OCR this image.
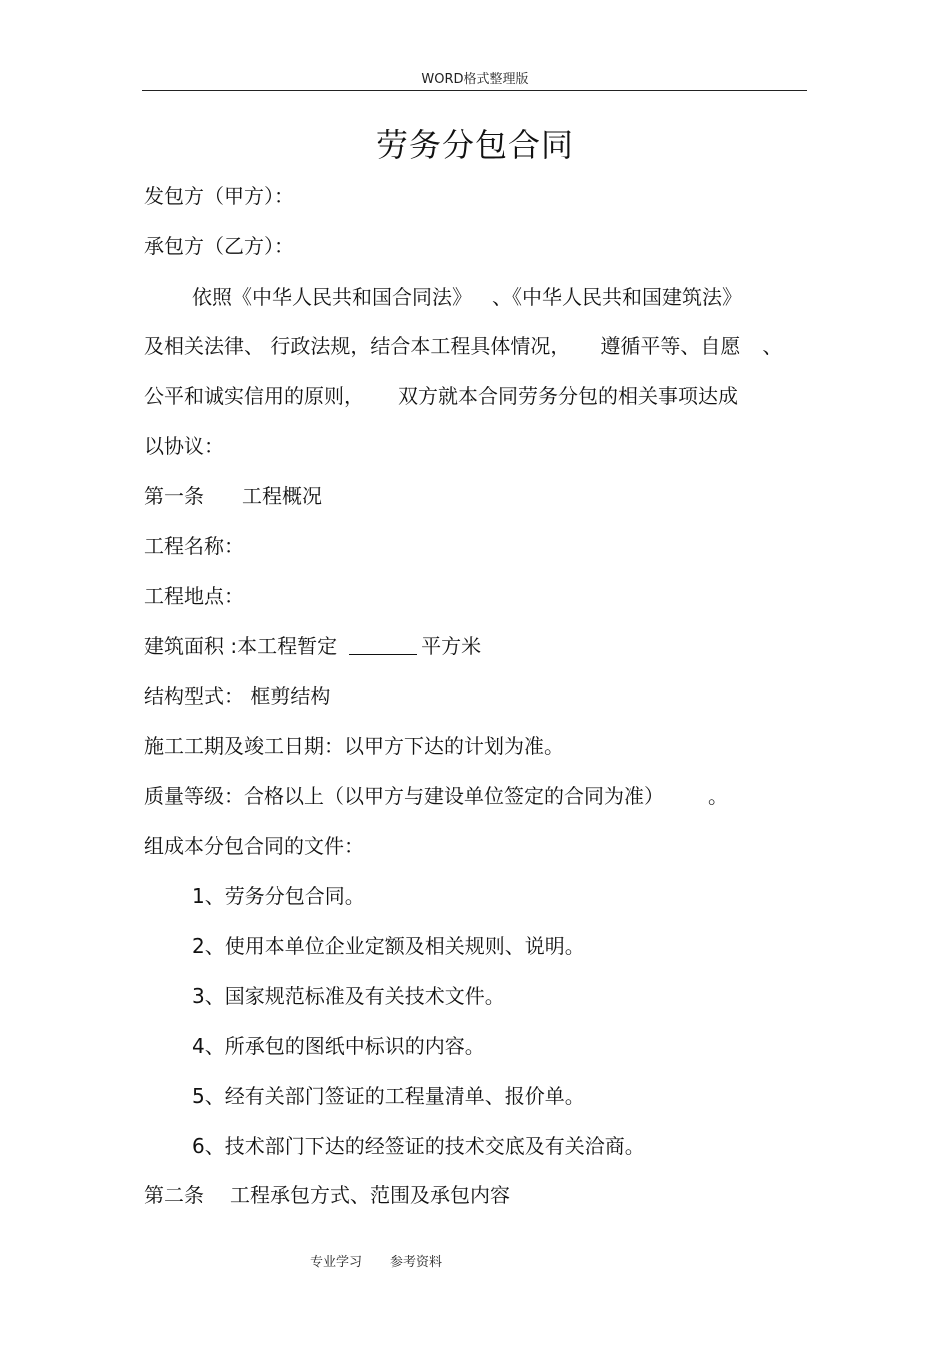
WORD格式整理版
劳务分包合同
发包方（甲方）：
承包方（乙方）：
依照《中华人民共和国合同法》 、《中华人民共和国建筑法》
及相关法律、 行政法规，结合本工程具体情况， 遵循平等、自愿 、
公平和诚实信用的原则， 双方就本合同劳务分包的相关事项达成
以协议：
第一条 工程概况
工程名称：
工程地点：
建筑面积 :本工程暂定	平方米
结构型式： 框剪结构
施工工期及竣工日期：以甲方下达的计划为准。
质量等级：合格以上（以甲方与建设单位签定的合同为准） 。
组成本分包合同的文件：
1、劳务分包合同。
2、使用本单位企业定额及相关规则、说明。
3、国家规范标准及有关技术文件。
4、所承包的图纸中标识的内容。
5、经有关部门签证的工程量清单、报价单。
6、技术部门下达的经签证的技术交底及有关洽商。
第二条 工程承包方式、范围及承包内容
专业学习 参考资料
